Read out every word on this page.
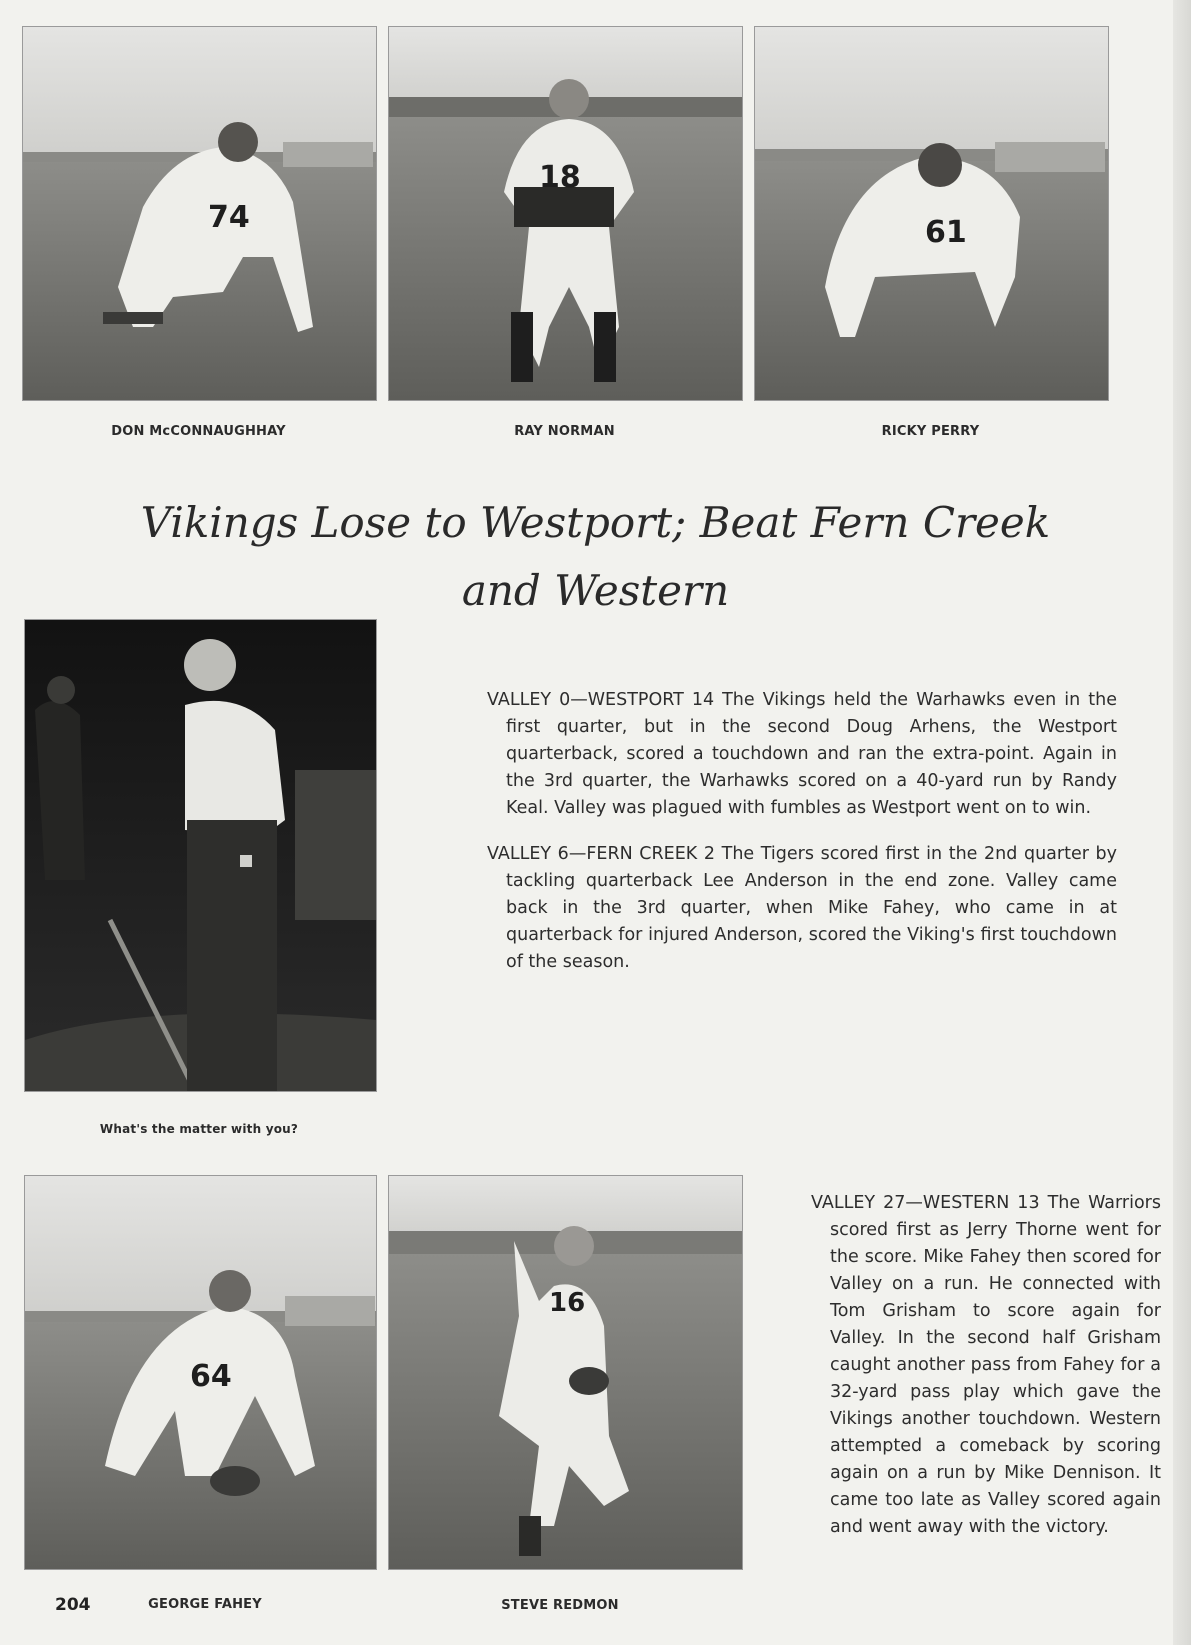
74
18
61
DON McCONNAUGHHAY	RAY NORMAN	RICKY PERRY
Vikings Lose to Westport; Beat Fern Creek
and Western
What's the matter with you?

VALLEY 0—WESTPORT 14 The Vikings held the Warhawks even in the first quarter, but in the second Doug Arhens, the Westport quarterback, scored a touchdown and ran the extra-point. Again in the 3rd quarter, the Warhawks scored on a 40-yard run by Randy Keal. Valley was plagued with fumbles as Westport went on to win.

VALLEY 6—FERN CREEK 2 The Tigers scored first in the 2nd quarter by tackling quarterback Lee Anderson in the end zone. Valley came back in the 3rd quarter, when Mike Fahey, who came in at quarterback for injured Anderson, scored the Viking's first touchdown of the season.

VALLEY 27—WESTERN 13 The Warriors scored first as Jerry Thorne went for the score. Mike Fahey then scored for Valley on a run. He connected with Tom Grisham to score again for Valley. In the second half Grisham caught another pass from Fahey for a 32-yard pass play which gave the Vikings another touchdown. Western attempted a comeback by scoring again on a run by Mike Dennison. It came too late as Valley scored again and went away with the victory.

64
16
204	GEORGE FAHEY	STEVE REDMON
